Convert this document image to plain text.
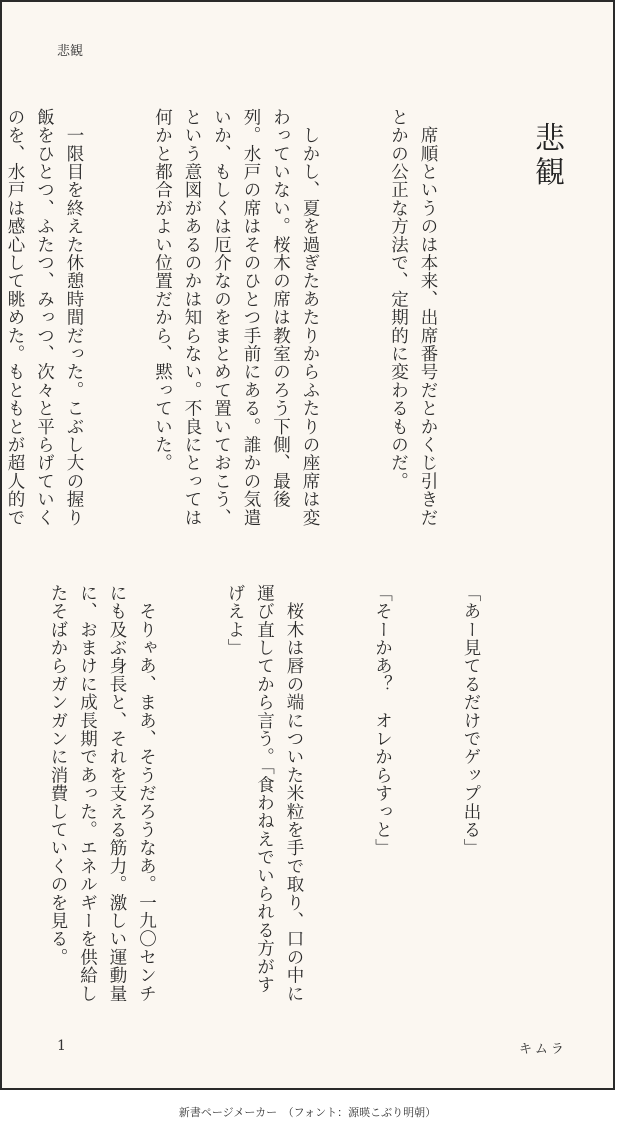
悲観
悲観

　席順というのは本来、出席番号だとかくじ引きだとかの公正な方法で、定期的に変わるものだ。

　しかし、夏を過ぎたあたりからふたりの座席は変わっていない。桜木の席は教室のろう下側、最後列。水戸の席はそのひとつ手前にある。誰かの気遣いか、もしくは厄介なのをまとめて置いておこう、という意図があるのかは知らない。不良にとっては何かと都合がよい位置だから、黙っていた。

　一限目を終えた休憩時間だった。こぶし大の握り飯をひとつ、ふたつ、みっつ、次々と平らげていくのを、水戸は感心して眺めた。もともとが超人的で

「あー見てるだけでゲップ出る」

「そーかあ？　オレからすっと」

　桜木は唇の端についた米粒を手で取り、口の中に運び直してから言う。「食わねえでいられる方がすげえよ」

　そりゃあ、まあ、そうだろうなあ。一九〇センチにも及ぶ身長と、それを支える筋力。激しい運動量に、おまけに成長期であった。エネルギーを供給したそばからガンガンに消費していくのを見る。

1	キムラ
新書ページメーカー　（フォント：源暎こぶり明朝）
